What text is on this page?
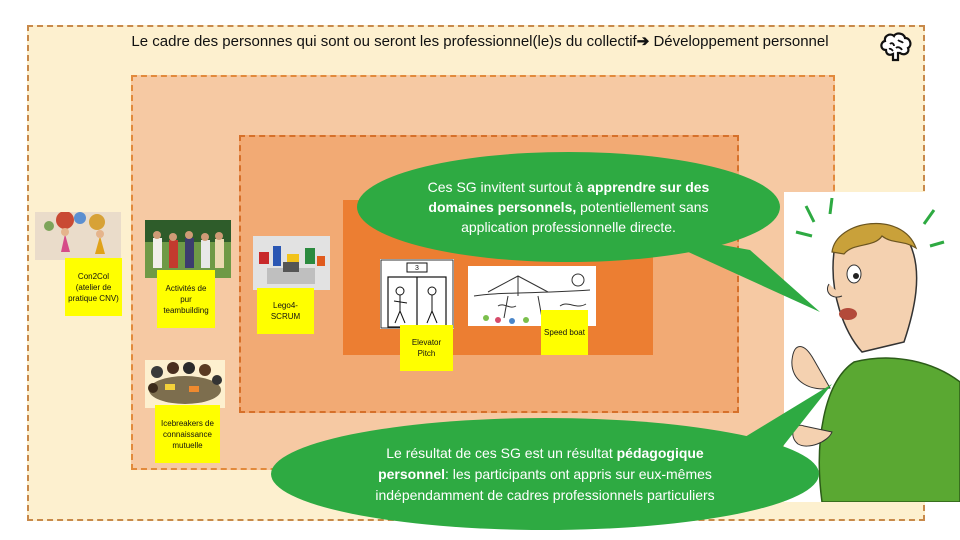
Le cadre des personnes qui sont ou seront les professionnel(le)s du collectif➔ Développement personnel
Con2Col (atelier de pratique CNV)
Activités de pur teambuilding
Icebreakers de connaissance mutuelle
Lego4-SCRUM
3
Elevator Pitch
Speed boat
Ces SG invitent surtout à apprendre sur des domaines personnels, potentiellement sans application professionnelle directe.
Le résultat de ces SG est un résultat pédagogique personnel: les participants ont appris sur eux-mêmes indépendamment de cadres professionnels particuliers
